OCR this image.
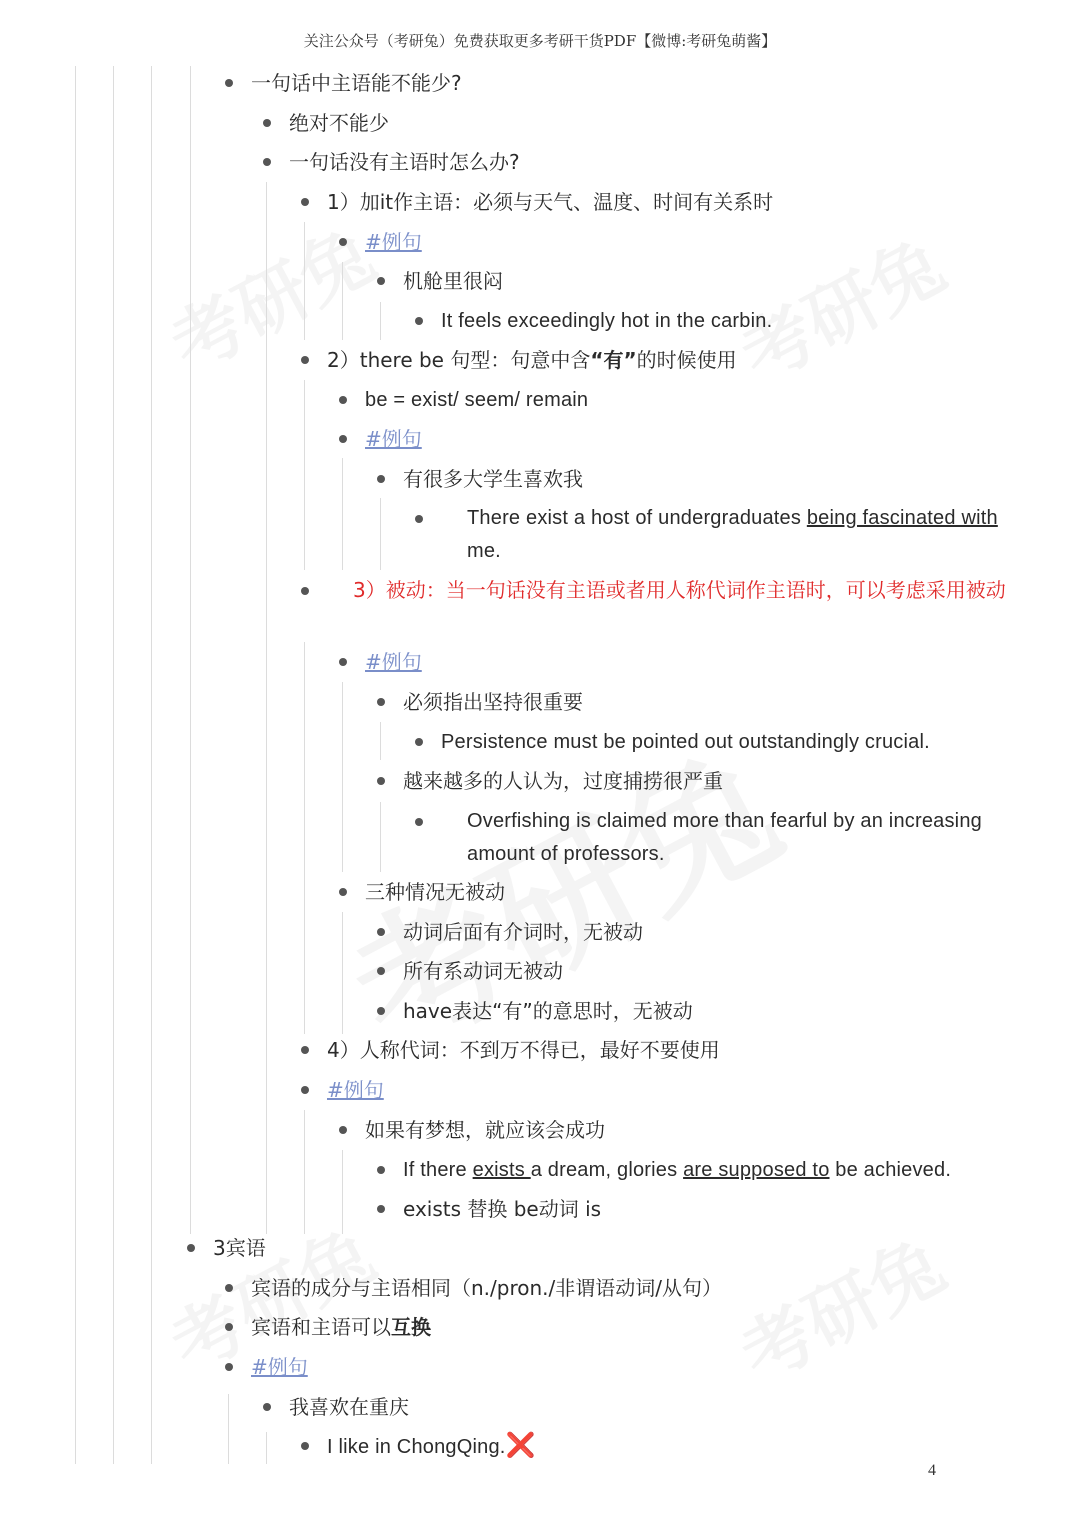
关注公众号（考研兔）免费获取更多考研干货PDF【微博:考研兔萌酱】
一句话中主语能不能少?
绝对不能少
一句话没有主语时怎么办?
1）加it作主语：必须与天气、温度、时间有关系时
#例句
机舱里很闷
It feels exceedingly hot in the carbin.
2）there be 句型：句意中含“有”的时候使用
be = exist/ seem/ remain
#例句
有很多大学生喜欢我
There exist a host of undergraduates being fascinated with
me.
3）被动：当一句话没有主语或者用人称代词作主语时，可以考虑采用被动
#例句
必须指出坚持很重要
Persistence must be pointed out outstandingly crucial.
越来越多的人认为，过度捕捞很严重
Overfishing is claimed more than fearful by an increasing amount of professors.
三种情况无被动
动词后面有介词时，无被动
所有系动词无被动
have表达“有”的意思时，无被动
4）人称代词：不到万不得已，最好不要使用
#例句
如果有梦想，就应该会成功
If there exists a dream, glories are supposed to be achieved.
exists 替换 be动词 is
3宾语
宾语的成分与主语相同（n./pron./非谓语动词/从句）
宾语和主语可以互换
#例句
我喜欢在重庆
I like in ChongQing.❌
4
